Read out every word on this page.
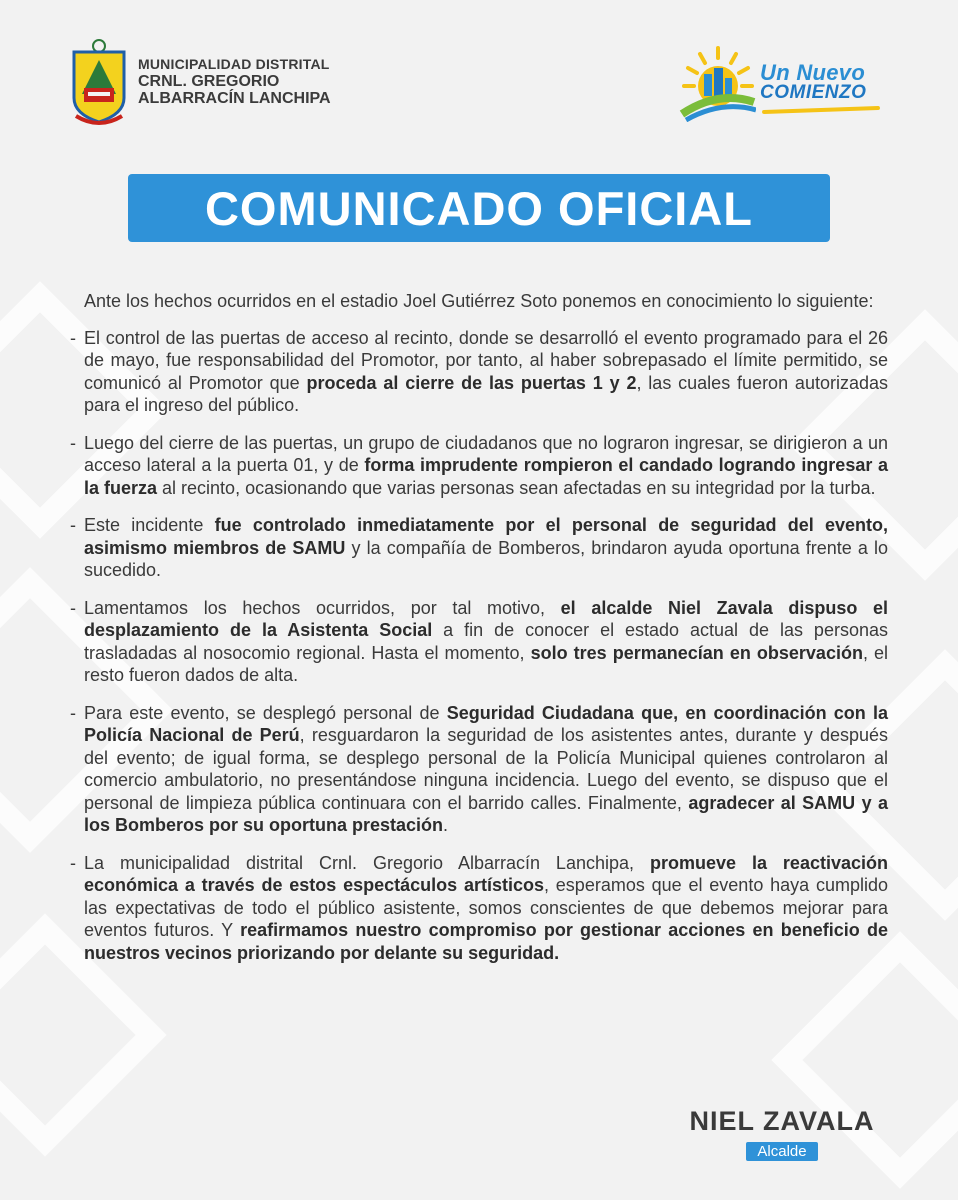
MUNICIPALIDAD DISTRITAL
CRNL. GREGORIO
ALBARRACÍN LANCHIPA
Un Nuevo
COMIENZO
COMUNICADO OFICIAL

Ante los hechos ocurridos en el estadio Joel Gutiérrez Soto ponemos en conocimiento lo siguiente:

- El control de las puertas de acceso al recinto, donde se desarrolló el evento programado para el 26 de mayo, fue responsabilidad del Promotor, por tanto, al haber sobrepasado el límite permitido, se comunicó al Promotor que proceda al cierre de las puertas 1 y 2, las cuales fueron autorizadas para el ingreso del público.

- Luego del cierre de las puertas, un grupo de ciudadanos que no lograron ingresar, se dirigieron a un acceso lateral a la puerta 01, y de forma imprudente rompieron el candado logrando ingresar a la fuerza al recinto, ocasionando que varias personas sean afectadas en su integridad por la turba.

- Este incidente fue controlado inmediatamente por el personal de seguridad del evento, asimismo miembros de SAMU y la compañía de Bomberos, brindaron ayuda oportuna frente a lo sucedido.

- Lamentamos los hechos ocurridos, por tal motivo, el alcalde Niel Zavala dispuso el desplazamiento de la Asistenta Social a fin de conocer el estado actual de las personas trasladadas al nosocomio regional. Hasta el momento, solo tres permanecían en observación, el resto fueron dados de alta.

- Para este evento, se desplegó personal de Seguridad Ciudadana que, en coordinación con la Policía Nacional de Perú, resguardaron la seguridad de los asistentes antes, durante y después del evento; de igual forma, se desplego personal de la Policía Municipal quienes controlaron al comercio ambulatorio, no presentándose ninguna incidencia. Luego del evento, se dispuso que el personal de limpieza pública continuara con el barrido calles. Finalmente, agradecer al SAMU y a los Bomberos por su oportuna prestación.

- La municipalidad distrital Crnl. Gregorio Albarracín Lanchipa, promueve la reactivación económica a través de estos espectáculos artísticos, esperamos que el evento haya cumplido las expectativas de todo el público asistente, somos conscientes de que debemos mejorar para eventos futuros. Y reafirmamos nuestro compromiso por gestionar acciones en beneficio de nuestros vecinos priorizando por delante su seguridad.

NIEL ZAVALA
Alcalde
